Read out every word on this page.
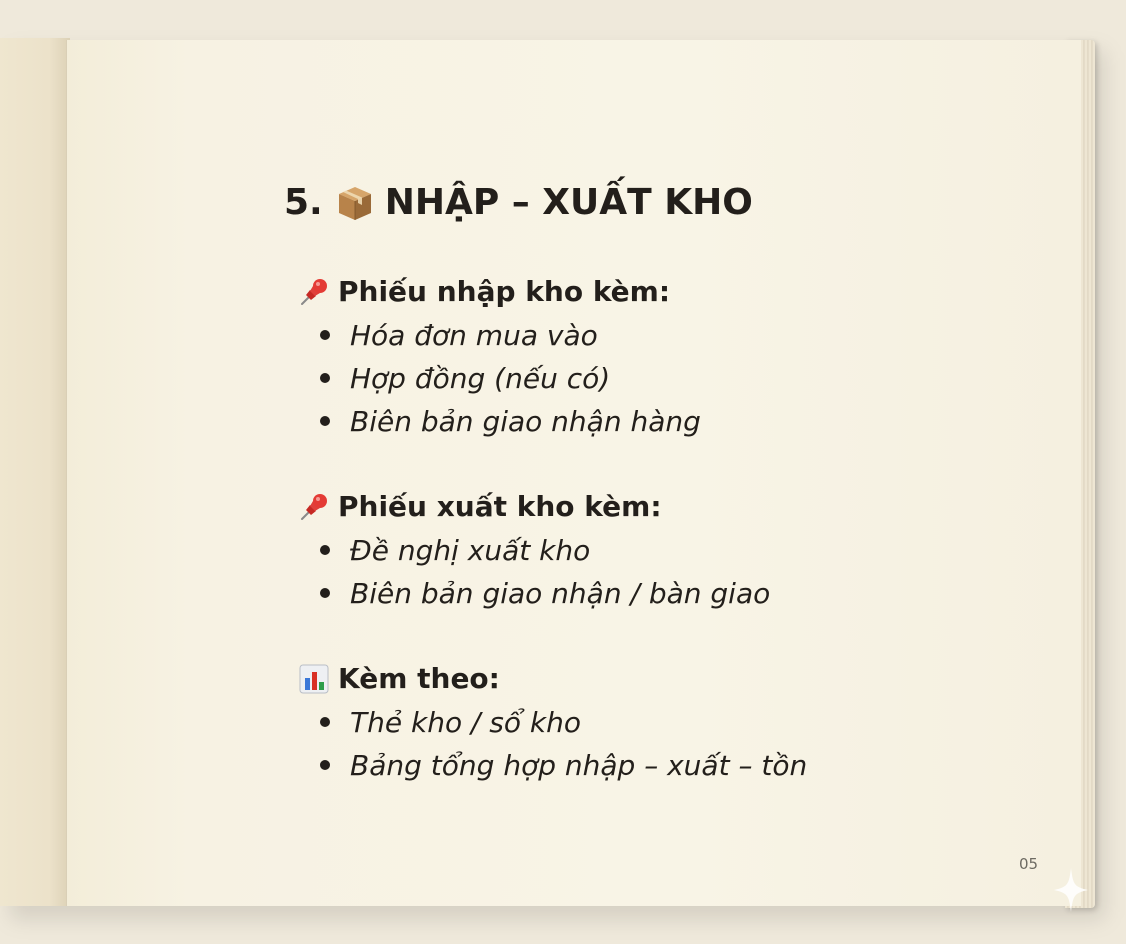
5. NHẬP – XUẤT KHO
Phiếu nhập kho kèm:
Hóa đơn mua vào
Hợp đồng (nếu có)
Biên bản giao nhận hàng
Phiếu xuất kho kèm:
Đề nghị xuất kho
Biên bản giao nhận / bàn giao
Kèm theo:
Thẻ kho / sổ kho
Bảng tổng hợp nhập – xuất – tồn
05
